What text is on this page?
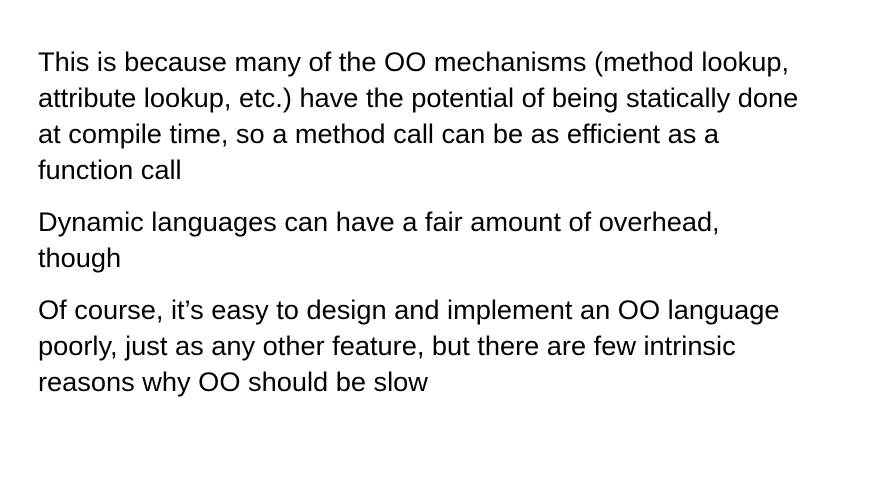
This is because many of the OO mechanisms (method lookup,
attribute lookup, etc.) have the potential of being statically done
at compile time, so a method call can be as efficient as a
function call
Dynamic languages can have a fair amount of overhead,
though
Of course, it’s easy to design and implement an OO language
poorly, just as any other feature, but there are few intrinsic
reasons why OO should be slow
